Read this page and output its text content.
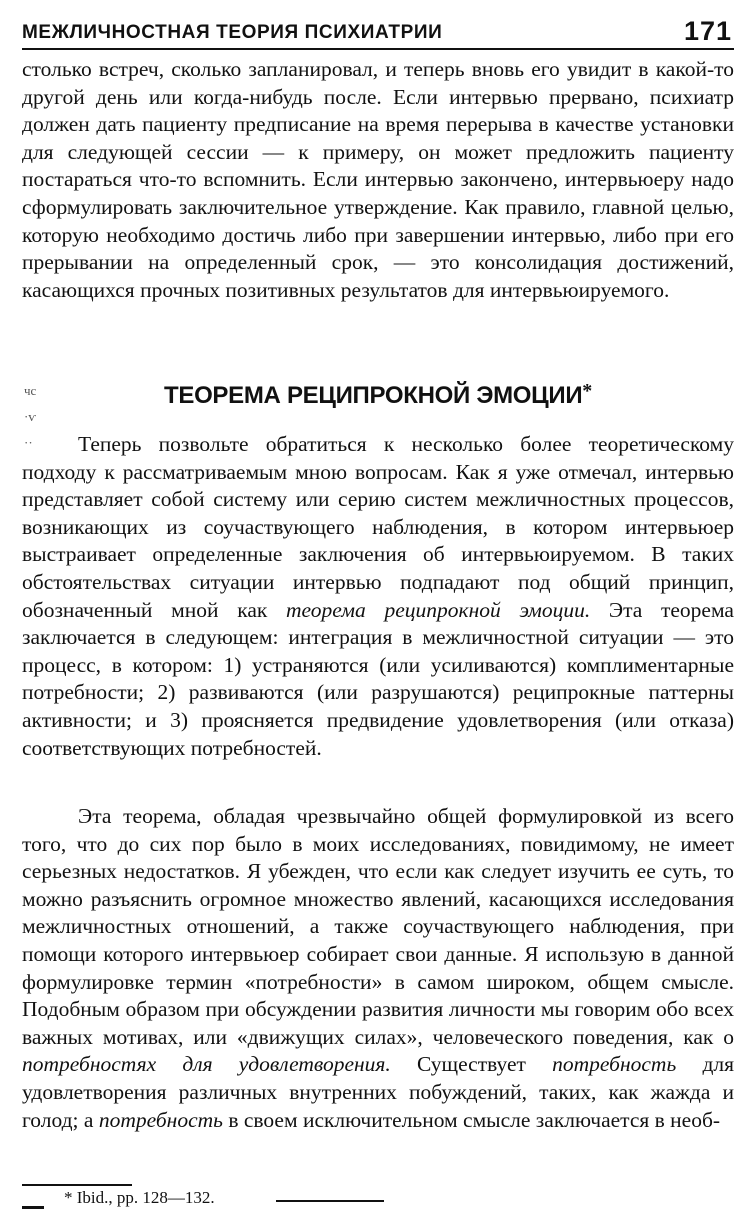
МЕЖЛИЧНОСТНАЯ ТЕОРИЯ ПСИХИАТРИИ	171

столько встреч, сколько запланировал, и теперь вновь его увидит в какой-то другой день или когда-нибудь после. Если интервью прервано, психиатр должен дать пациенту предписание на время перерыва в качестве установки для следующей сессии — к примеру, он может предложить пациенту постараться что-то вспомнить. Если интервью закончено, интервьюеру надо сформулировать заключительное утверждение. Как правило, главной целью, которую необходимо достичь либо при завершении интервью, либо при его прерывании на определенный срок, — это консолидация достижений, касающихся прочных позитивных результатов для интервьюируемого.

чс
·ѵ
··
ТЕОРЕМА РЕЦИПРОКНОЙ ЭМОЦИИ*

Теперь позвольте обратиться к несколько более теоретическому подходу к рассматриваемым мною вопросам. Как я уже отмечал, интервью представляет собой систему или серию систем межличностных процессов, возникающих из соучаствующего наблюдения, в котором интервьюер выстраивает определенные заключения об интервьюируемом. В таких обстоятельствах ситуации интервью подпадают под общий принцип, обозначенный мной как теорема реципрокной эмоции. Эта теорема заключается в следующем: интеграция в межличностной ситуации — это процесс, в котором: 1) устраняются (или усиливаются) комплиментарные потребности; 2) развиваются (или разрушаются) реципрокные паттерны активности; и 3) проясняется предвидение удовлетворения (или отказа) соответствующих потребностей.

Эта теорема, обладая чрезвычайно общей формулировкой из всего того, что до сих пор было в моих исследованиях, повидимому, не имеет серьезных недостатков. Я убежден, что если как следует изучить ее суть, то можно разъяснить огромное множество явлений, касающихся исследования межличностных отношений, а также соучаствующего наблюдения, при помощи которого интервьюер собирает свои данные. Я использую в данной формулировке термин «потребности» в самом широком, общем смысле. Подобным образом при обсуждении развития личности мы говорим обо всех важных мотивах, или «движущих силах», человеческого поведения, как о потребностях для удовлетворения. Существует потребность для удовлетворения различных внутренних побуждений, таких, как жажда и голод; а потребность в своем исключительном смысле заключается в необ-

* Ibid., pp. 128—132.
